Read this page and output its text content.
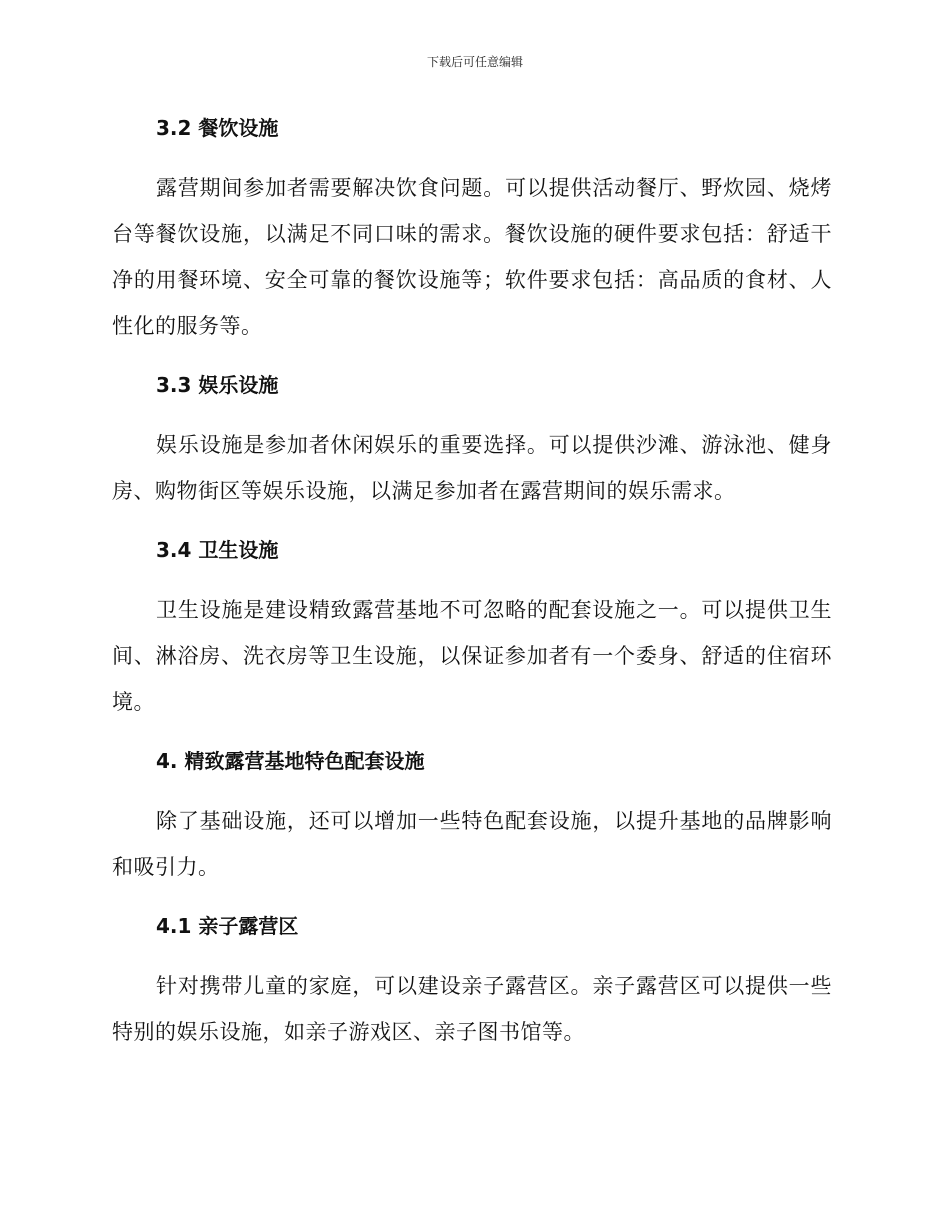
下载后可任意编辑
3.2 餐饮设施

露营期间参加者需要解决饮食问题。可以提供活动餐厅、野炊园、烧烤台等餐饮设施，以满足不同口味的需求。餐饮设施的硬件要求包括：舒适干净的用餐环境、安全可靠的餐饮设施等；软件要求包括：高品质的食材、人性化的服务等。

3.3 娱乐设施

娱乐设施是参加者休闲娱乐的重要选择。可以提供沙滩、游泳池、健身房、购物街区等娱乐设施，以满足参加者在露营期间的娱乐需求。

3.4 卫生设施

卫生设施是建设精致露营基地不可忽略的配套设施之一。可以提供卫生间、淋浴房、洗衣房等卫生设施，以保证参加者有一个委身、舒适的住宿环境。

4. 精致露营基地特色配套设施

除了基础设施，还可以增加一些特色配套设施，以提升基地的品牌影响和吸引力。

4.1 亲子露营区

针对携带儿童的家庭，可以建设亲子露营区。亲子露营区可以提供一些特别的娱乐设施，如亲子游戏区、亲子图书馆等。
